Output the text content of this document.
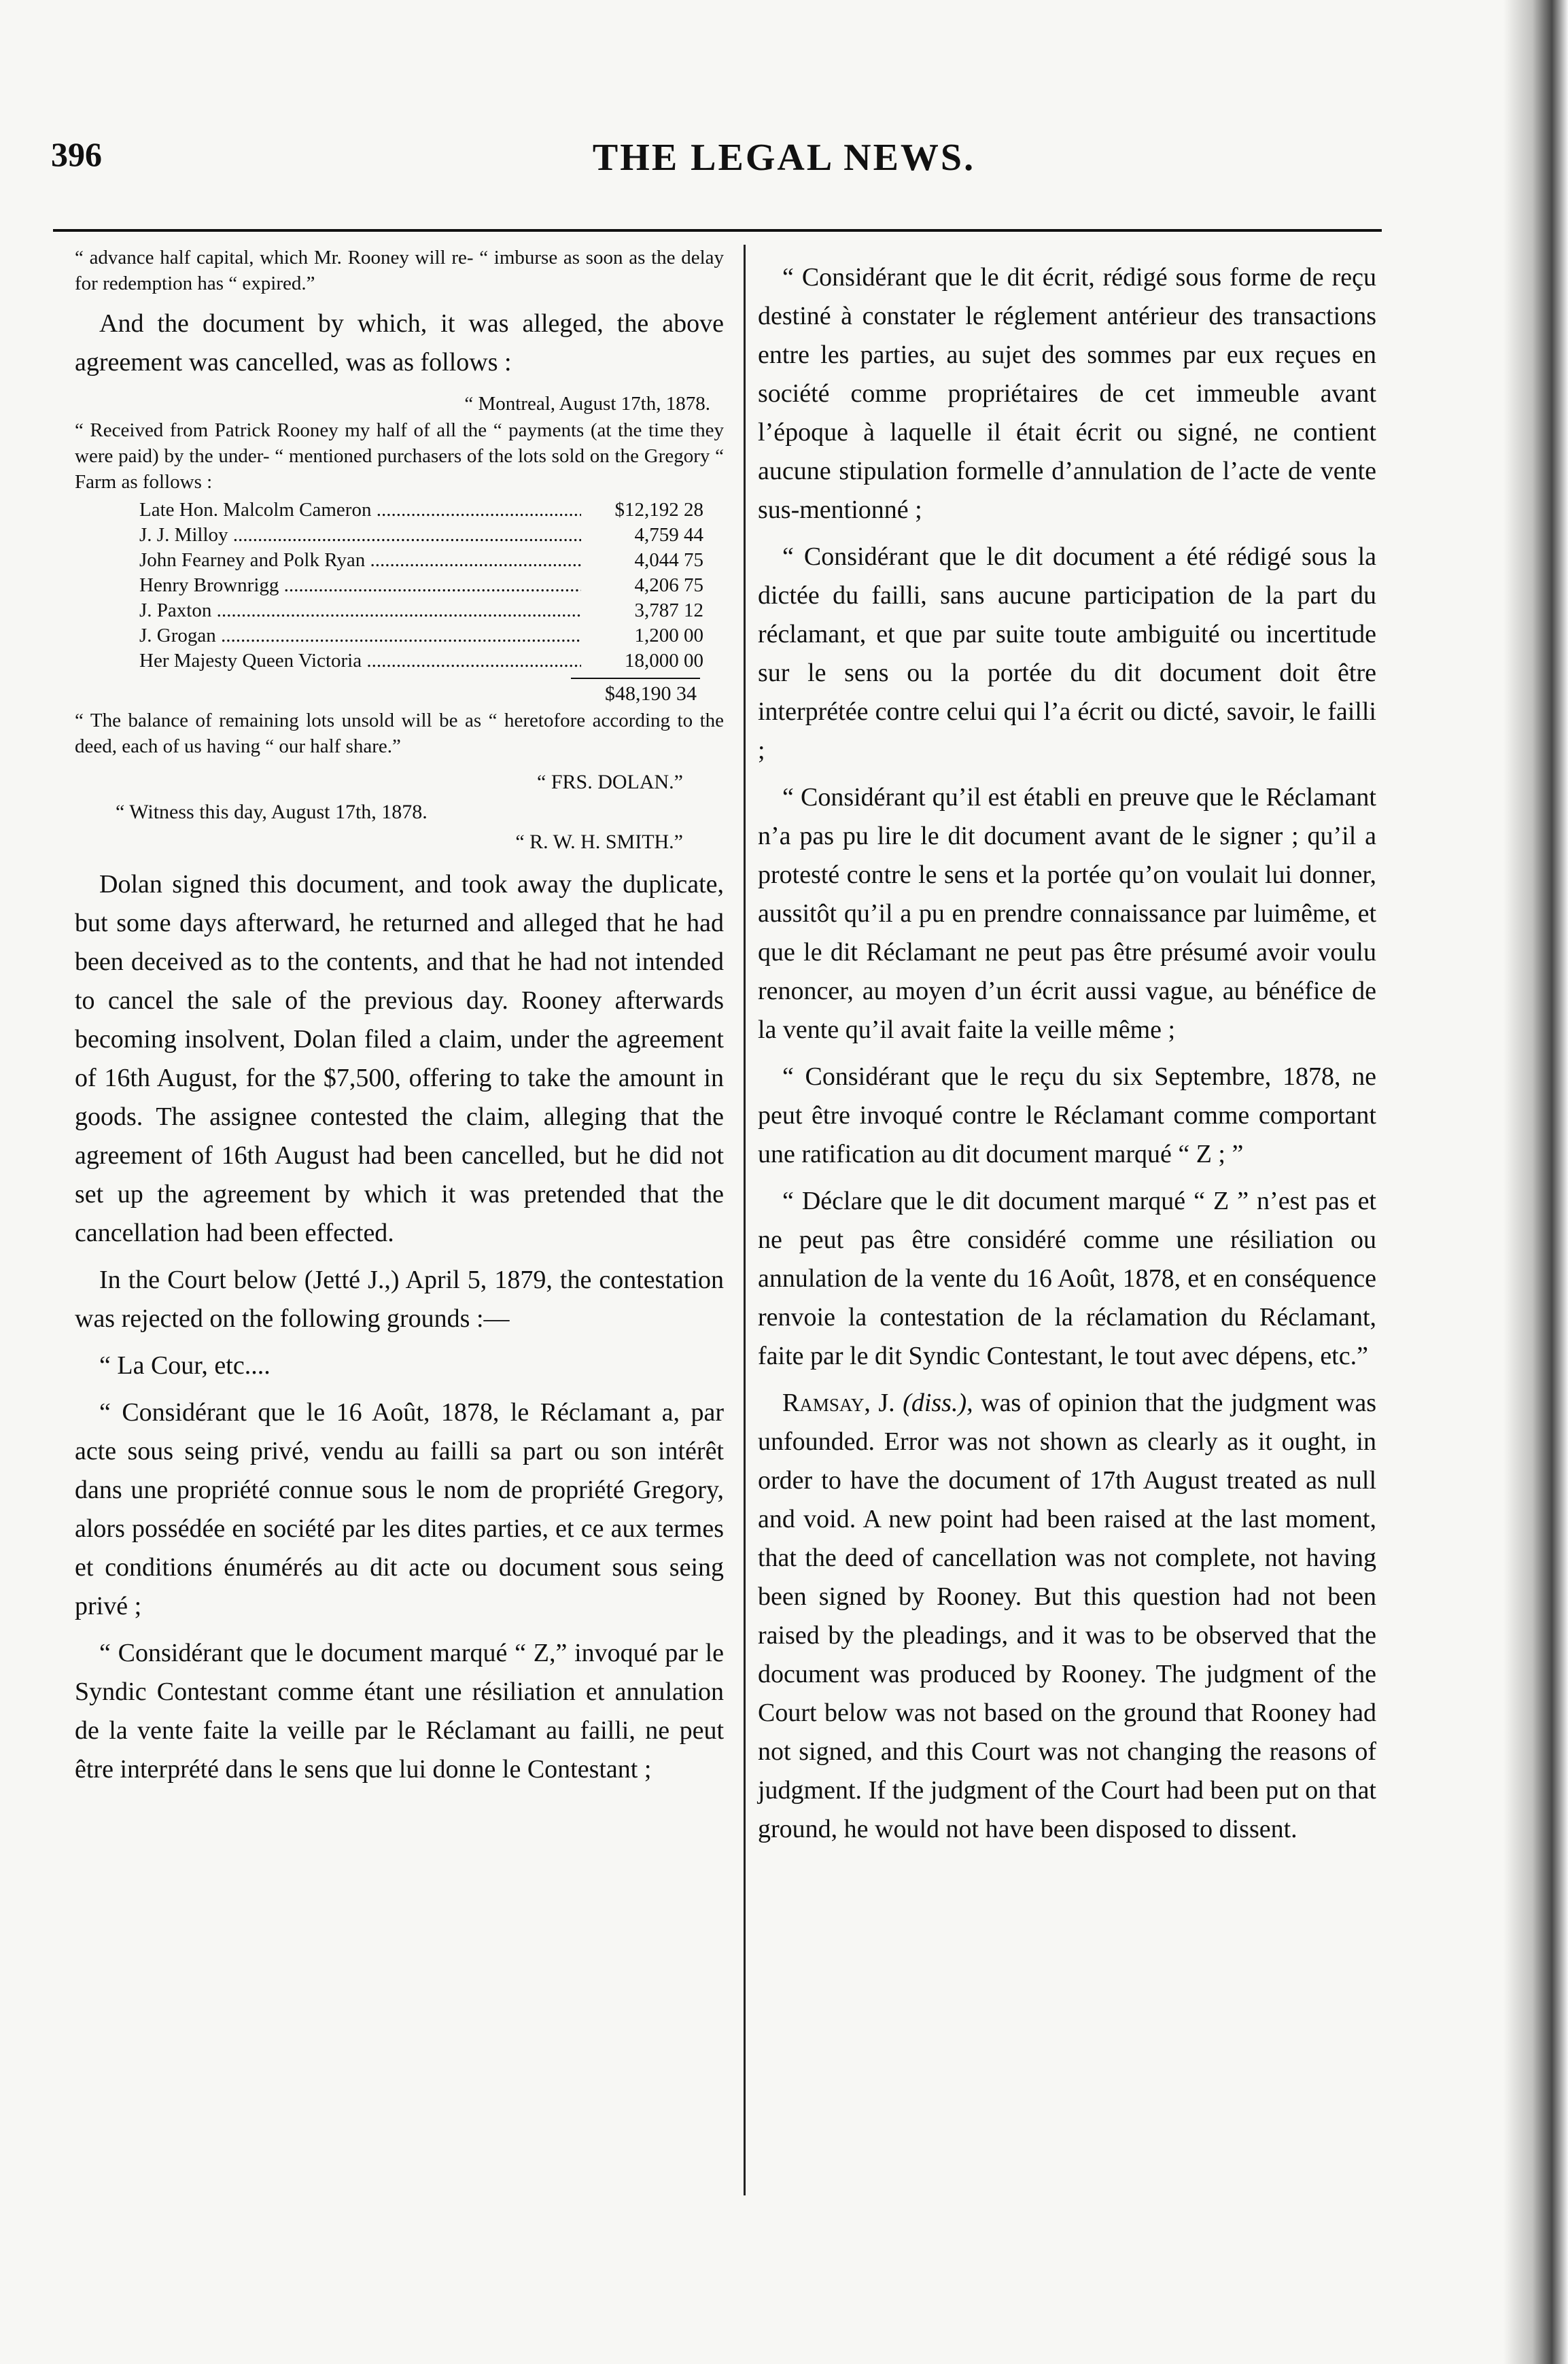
396	THE LEGAL NEWS.

“ advance half capital, which Mr. Rooney will re- “ imburse as soon as the delay for redemption has “ expired.”

And the document by which, it was alleged, the above agreement was cancelled, was as follows :

“ Montreal, August 17th, 1878.

“ Received from Patrick Rooney my half of all the “ payments (at the time they were paid) by the under- “ mentioned purchasers of the lots sold on the Gregory “ Farm as follows :

Late Hon. Malcolm Cameron .....	$12,192 28
J. J. Milloy .....	4,759 44
John Fearney and Polk Ryan .....	4,044 75
Henry Brownrigg .....	4,206 75
J. Paxton .....	3,787 12
J. Grogan .....	1,200 00
Her Majesty Queen Victoria .....	18,000 00

$48,190 34

“ The balance of remaining lots unsold will be as “ heretofore according to the deed, each of us having “ our half share.”

“ FRS. DOLAN.”

“ Witness this day, August 17th, 1878.

“ R. W. H. SMITH.”

Dolan signed this document, and took away the duplicate, but some days afterward, he returned and alleged that he had been deceived as to the contents, and that he had not intended to cancel the sale of the previous day. Rooney afterwards becoming insolvent, Dolan filed a claim, under the agreement of 16th August, for the $7,500, offering to take the amount in goods. The assignee contested the claim, alleging that the agreement of 16th August had been cancelled, but he did not set up the agreement by which it was pretended that the cancellation had been effected.

In the Court below (Jetté J.,) April 5, 1879, the contestation was rejected on the following grounds :—

“ La Cour, etc....

“ Considérant que le 16 Août, 1878, le Réclamant a, par acte sous seing privé, vendu au failli sa part ou son intérêt dans une propriété connue sous le nom de propriété Gregory, alors possédée en société par les dites parties, et ce aux termes et conditions énumérés au dit acte ou document sous seing privé ;

“ Considérant que le document marqué “ Z,” invoqué par le Syndic Contestant comme étant une résiliation et annulation de la vente faite la veille par le Réclamant au failli, ne peut être interprété dans le sens que lui donne le Contestant ;

“ Considérant que le dit écrit, rédigé sous forme de reçu destiné à constater le réglement antérieur des transactions entre les parties, au sujet des sommes par eux reçues en société comme propriétaires de cet immeuble avant l’époque à laquelle il était écrit ou signé, ne contient aucune stipulation formelle d’annulation de l’acte de vente sus-mentionné ;

“ Considérant que le dit document a été rédigé sous la dictée du failli, sans aucune participation de la part du réclamant, et que par suite toute ambiguité ou incertitude sur le sens ou la portée du dit document doit être interprétée contre celui qui l’a écrit ou dicté, savoir, le failli ;

“ Considérant qu’il est établi en preuve que le Réclamant n’a pas pu lire le dit document avant de le signer ; qu’il a protesté contre le sens et la portée qu’on voulait lui donner, aussitôt qu’il a pu en prendre connaissance par luimême, et que le dit Réclamant ne peut pas être présumé avoir voulu renoncer, au moyen d’un écrit aussi vague, au bénéfice de la vente qu’il avait faite la veille même ;

“ Considérant que le reçu du six Septembre, 1878, ne peut être invoqué contre le Réclamant comme comportant une ratification au dit document marqué “ Z ; ”

“ Déclare que le dit document marqué “ Z ” n’est pas et ne peut pas être considéré comme une résiliation ou annulation de la vente du 16 Août, 1878, et en conséquence renvoie la contestation de la réclamation du Réclamant, faite par le dit Syndic Contestant, le tout avec dépens, etc.”

Ramsay, J. (diss.), was of opinion that the judgment was unfounded. Error was not shown as clearly as it ought, in order to have the document of 17th August treated as null and void. A new point had been raised at the last moment, that the deed of cancellation was not complete, not having been signed by Rooney. But this question had not been raised by the pleadings, and it was to be observed that the document was produced by Rooney. The judgment of the Court below was not based on the ground that Rooney had not signed, and this Court was not changing the reasons of judgment. If the judgment of the Court had been put on that ground, he would not have been disposed to dissent.
